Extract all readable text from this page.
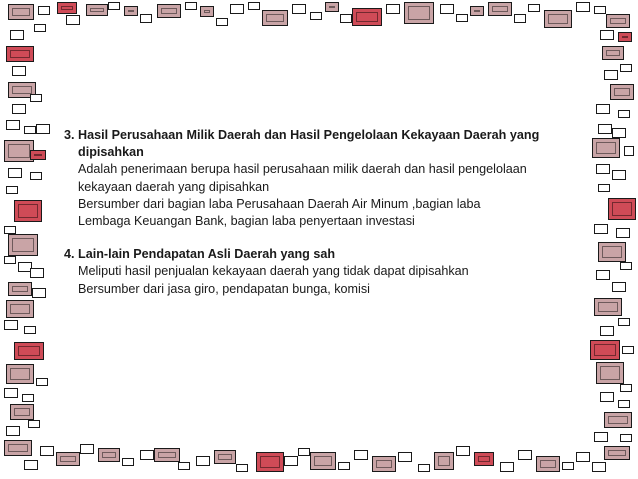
3. Hasil Perusahaan Milik Daerah dan Hasil Pengelolaan Kekayaan Daerah yang dipisahkan
Adalah penerimaan berupa hasil perusahaan milik daerah dan hasil pengelolaan
kekayaan daerah yang dipisahkan
Bersumber dari bagian laba Perusahaan Daerah Air Minum ,bagian laba
Lembaga Keuangan Bank, bagian laba penyertaan investasi
4. Lain-lain Pendapatan Asli Daerah yang sah
Meliputi hasil penjualan kekayaan daerah yang tidak dapat dipisahkan
Bersumber dari jasa giro, pendapatan bunga, komisi
